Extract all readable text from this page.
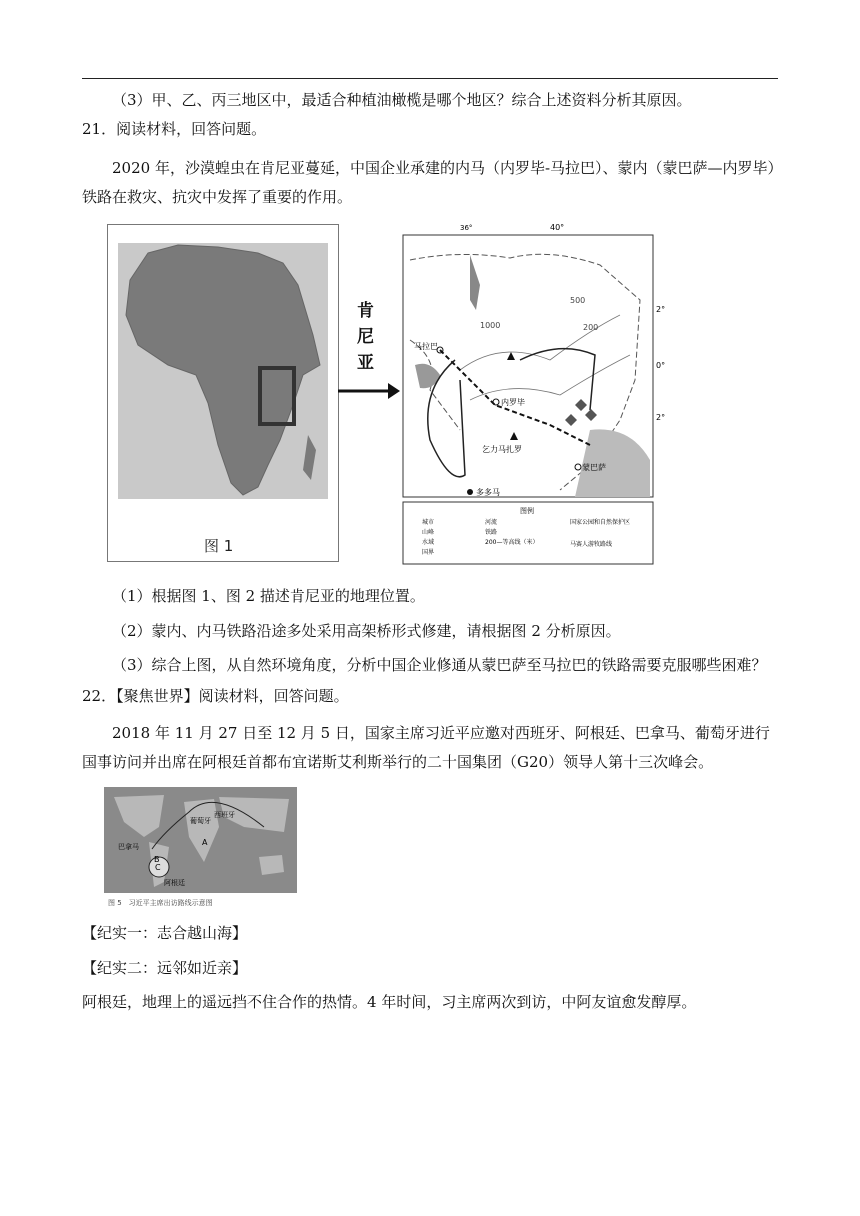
（3）甲、乙、丙三地区中，最适合种植油橄榄是哪个地区？综合上述资料分析其原因。

21．阅读材料，回答问题。

2020 年，沙漠蝗虫在肯尼亚蔓延，中国企业承建的内马（内罗毕-马拉巴）、蒙内（蒙巴萨—内罗毕）铁路在救灾、抗灾中发挥了重要的作用。

图 1
肯尼亚
36°	40°
2°
0°
2°
500
200
1000
马拉巴
内罗毕
蒙巴萨
乞力马扎罗
多多马
图例
城市
山峰
水域
国界
河流
铁路
200—等高线（米）
国家公园和自然保护区
马赛人游牧路线

（1）根据图 1、图 2 描述肯尼亚的地理位置。

（2）蒙内、内马铁路沿途多处采用高架桥形式修建，请根据图 2 分析原因。

（3）综合上图，从自然环境角度，分析中国企业修通从蒙巴萨至马拉巴的铁路需要克服哪些困难？

22．【聚焦世界】阅读材料，回答问题。

2018 年 11 月 27 日至 12 月 5 日，国家主席习近平应邀对西班牙、阿根廷、巴拿马、葡萄牙进行国事访问并出席在阿根廷首都布宜诺斯艾利斯举行的二十国集团（G20）领导人第十三次峰会。

C
西班牙
葡萄牙
巴拿马
阿根廷
A
B
图 5　习近平主席出访路线示意图

【纪实一：志合越山海】

【纪实二：远邻如近亲】

阿根廷，地理上的遥远挡不住合作的热情。4 年时间，习主席两次到访，中阿友谊愈发醇厚。
